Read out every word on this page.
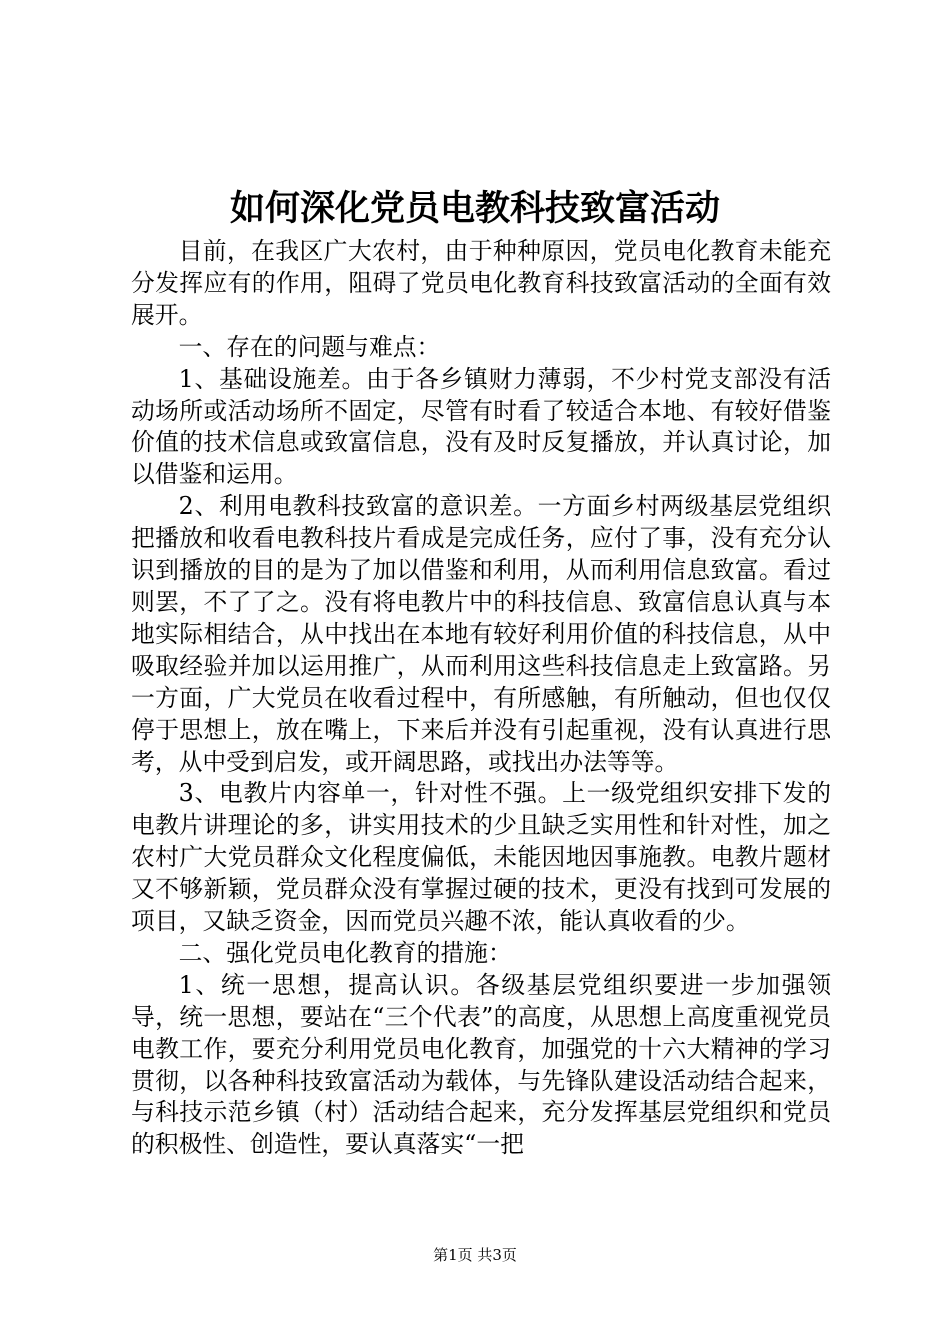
如何深化党员电教科技致富活动

目前，在我区广大农村，由于种种原因，党员电化教育未能充分发挥应有的作用，阻碍了党员电化教育科技致富活动的全面有效展开。

一、存在的问题与难点：

1、基础设施差。由于各乡镇财力薄弱，不少村党支部没有活动场所或活动场所不固定，尽管有时看了较适合本地、有较好借鉴价值的技术信息或致富信息，没有及时反复播放，并认真讨论，加以借鉴和运用。

2、利用电教科技致富的意识差。一方面乡村两级基层党组织把播放和收看电教科技片看成是完成任务，应付了事，没有充分认识到播放的目的是为了加以借鉴和利用，从而利用信息致富。看过则罢，不了了之。没有将电教片中的科技信息、致富信息认真与本地实际相结合，从中找出在本地有较好利用价值的科技信息，从中吸取经验并加以运用推广，从而利用这些科技信息走上致富路。另一方面，广大党员在收看过程中，有所感触，有所触动，但也仅仅停于思想上，放在嘴上，下来后并没有引起重视，没有认真进行思考，从中受到启发，或开阔思路，或找出办法等等。

3、电教片内容单一，针对性不强。上一级党组织安排下发的电教片讲理论的多，讲实用技术的少且缺乏实用性和针对性，加之农村广大党员群众文化程度偏低，未能因地因事施教。电教片题材又不够新颖，党员群众没有掌握过硬的技术，更没有找到可发展的项目，又缺乏资金，因而党员兴趣不浓，能认真收看的少。

二、强化党员电化教育的措施：

1、统一思想，提高认识。各级基层党组织要进一步加强领导，统一思想，要站在“三个代表”的高度，从思想上高度重视党员电教工作，要充分利用党员电化教育，加强党的十六大精神的学习贯彻，以各种科技致富活动为载体，与先锋队建设活动结合起来，与科技示范乡镇（村）活动结合起来，充分发挥基层党组织和党员的积极性、创造性，要认真落实“一把

第1页 共3页
